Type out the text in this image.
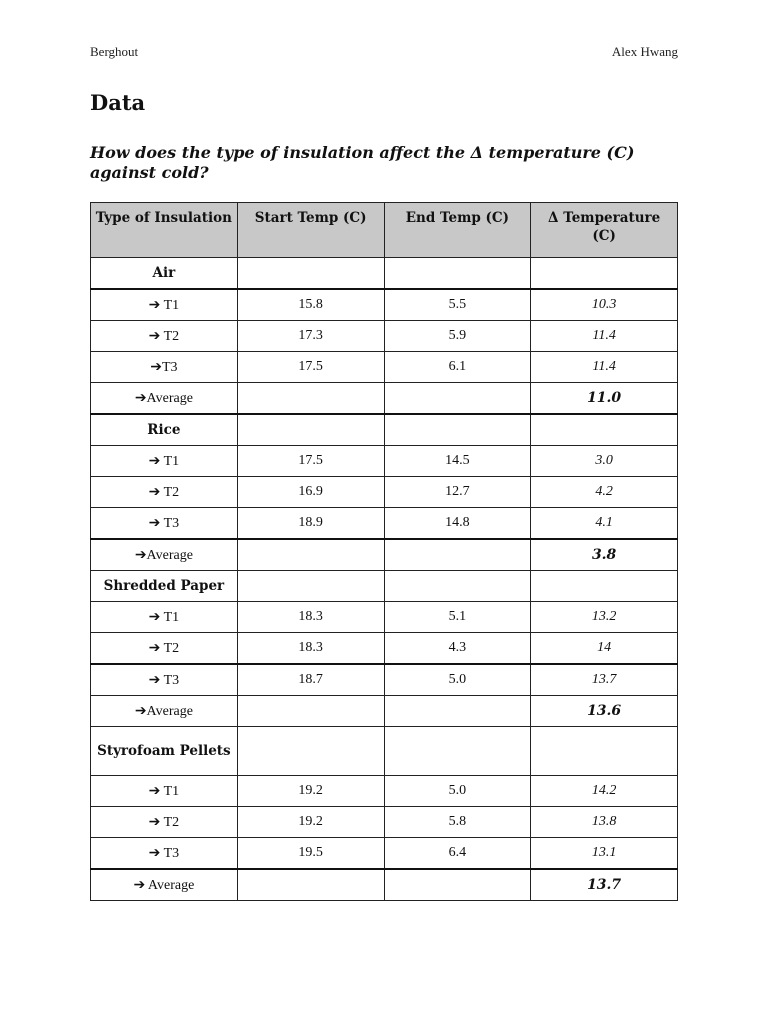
Berghout	Alex Hwang
Data

How does the type of insulation affect the Δ temperature (C) against cold?

Type of Insulation	Start Temp (C)	End Temp (C)	Δ Temperature (C)
Air			
➔ T1	15.8	5.5	10.3
➔ T2	17.3	5.9	11.4
➔T3	17.5	6.1	11.4
➔Average			11.0
Rice			
➔ T1	17.5	14.5	3.0
➔ T2	16.9	12.7	4.2
➔ T3	18.9	14.8	4.1
➔Average			3.8
Shredded Paper			
➔ T1	18.3	5.1	13.2
➔ T2	18.3	4.3	14
➔ T3	18.7	5.0	13.7
➔Average			13.6
Styrofoam Pellets			
➔ T1	19.2	5.0	14.2
➔ T2	19.2	5.8	13.8
➔ T3	19.5	6.4	13.1
➔ Average			13.7
